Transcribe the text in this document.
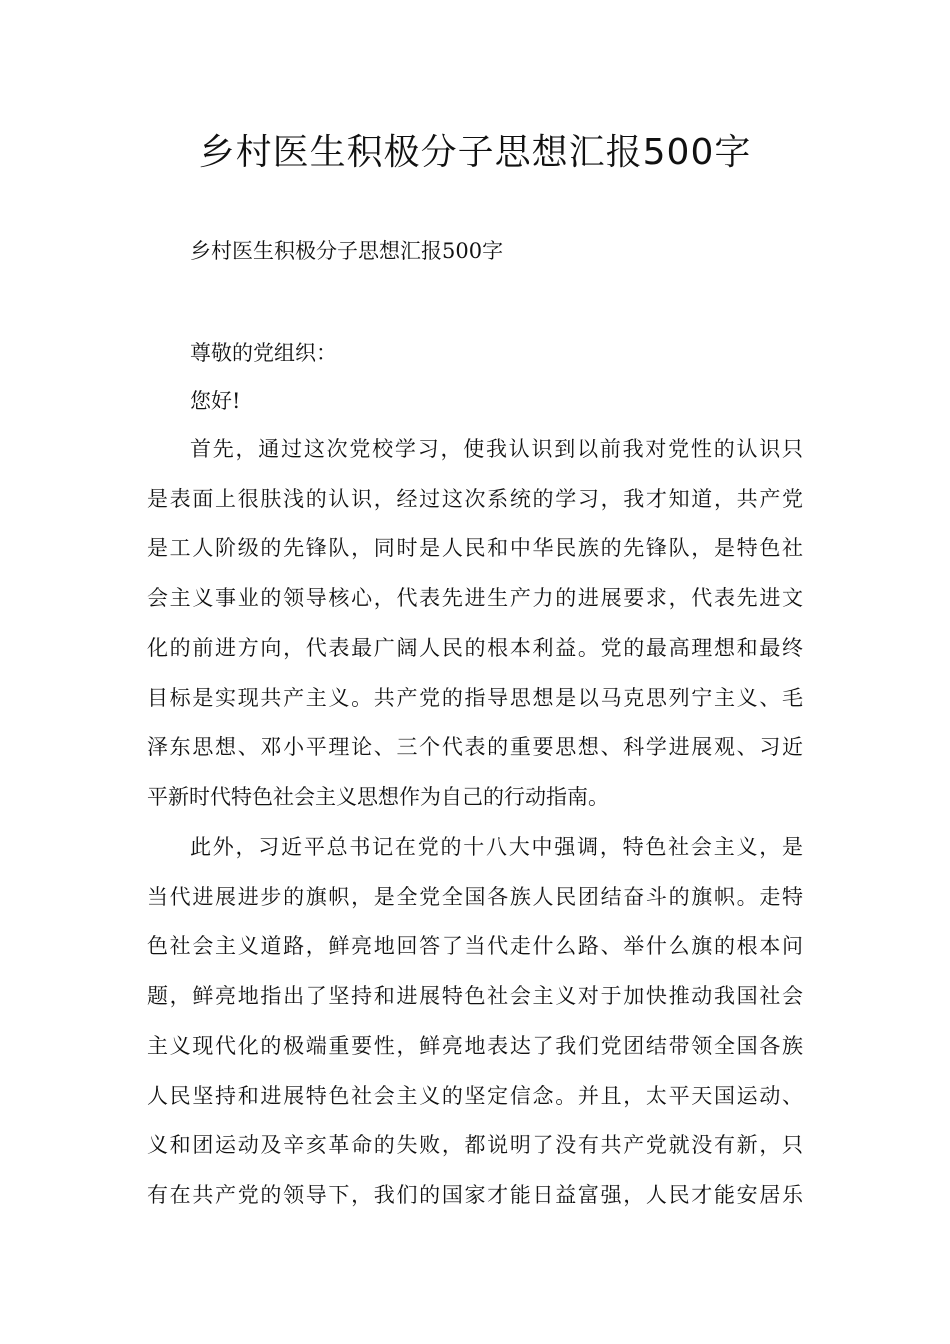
乡村医生积极分子思想汇报500字

乡村医生积极分子思想汇报500字

尊敬的党组织：

您好!

首先，通过这次党校学习，使我认识到以前我对党性的认识只
是表面上很肤浅的认识，经过这次系统的学习，我才知道，共产党
是工人阶级的先锋队，同时是人民和中华民族的先锋队，是特色社
会主义事业的领导核心，代表先进生产力的进展要求，代表先进文
化的前进方向，代表最广阔人民的根本利益。党的最高理想和最终
目标是实现共产主义。共产党的指导思想是以马克思列宁主义、毛
泽东思想、邓小平理论、三个代表的重要思想、科学进展观、习近
平新时代特色社会主义思想作为自己的行动指南。
此外，习近平总书记在党的十八大中强调，特色社会主义，是
当代进展进步的旗帜，是全党全国各族人民团结奋斗的旗帜。走特
色社会主义道路，鲜亮地回答了当代走什么路、举什么旗的根本问
题，鲜亮地指出了坚持和进展特色社会主义对于加快推动我国社会
主义现代化的极端重要性，鲜亮地表达了我们党团结带领全国各族
人民坚持和进展特色社会主义的坚定信念。并且，太平天国运动、
义和团运动及辛亥革命的失败，都说明了没有共产党就没有新，只
有在共产党的领导下，我们的国家才能日益富强，人民才能安居乐
